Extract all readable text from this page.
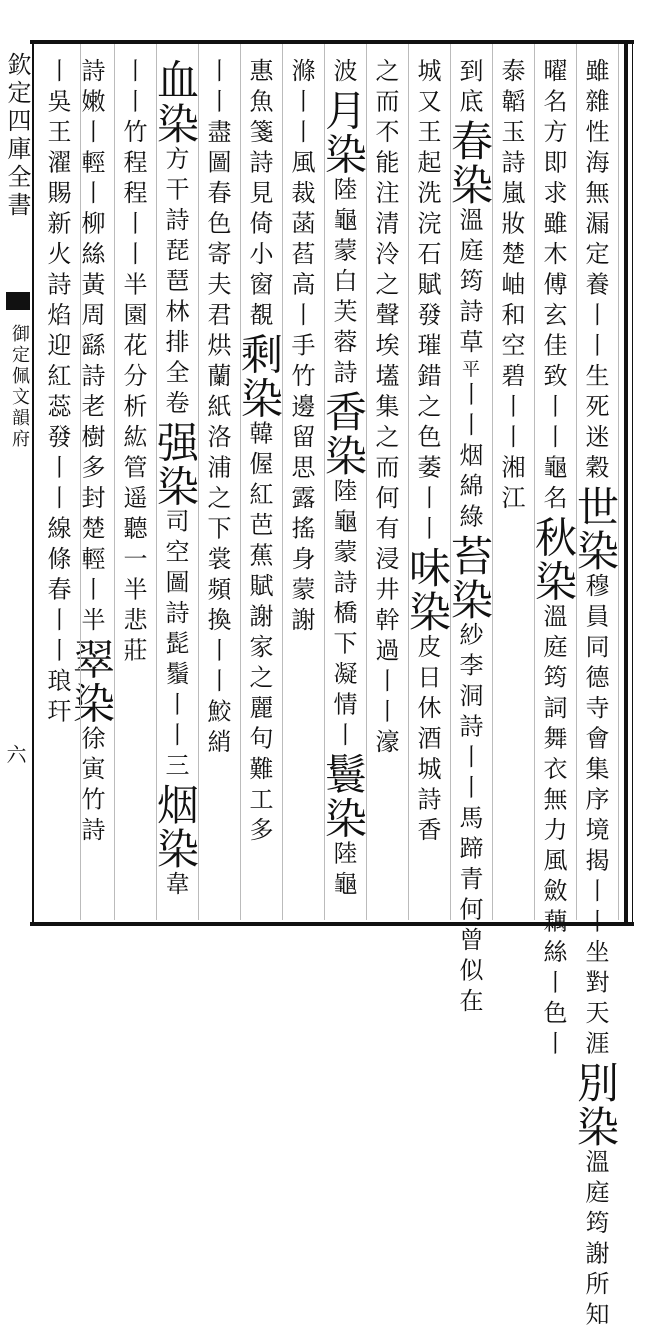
欽定四庫全書
御定佩文韻府
六
雖雜性海無漏定養丨丨生死迷穀世染穆員同德寺會集序境揭丨丨坐對天涯別染溫庭筠謝所知
曜名方即求雖木傅玄佳致丨丨龜名秋染溫庭筠詞舞衣無力風斂藕絲丨色丨
泰韜玉詩嵐妝楚岫和空碧丨丨湘江
到底春染溫庭筠詩草平丨丨烟綿綠苔染紗李洞詩丨丨馬蹄青何曾似在
城又王起洗浣石賦發璀錯之色萎丨丨味染皮日休酒城詩香
之而不能注清泠之聲埃壒集之而何有浸井幹過丨丨濠
波月染陸龜蒙白芙蓉詩香染陸龜蒙詩橋下凝情丨鬟染陸龜
滌丨丨風裁菡萏高丨手竹邊留思露搖身蒙謝
惠魚箋詩見倚小窗覩剩染韓偓紅芭蕉賦謝家之麗句難工多
丨丨盡圖春色寄夫君烘蘭紙洛浦之下裳頻換丨丨鮫綃
血染方干詩琵琶林排全卷强染司空圖詩髭鬚丨丨三烟染韋
丨丨竹程程丨丨半園花分析紘管遥聽一半悲莊
詩嫩丨輕丨柳絲黃周繇詩老樹多封楚輕丨半翠染徐寅竹詩
丨吳王濯賜新火詩焰迎紅蕊發丨丨線條春丨丨琅玕
